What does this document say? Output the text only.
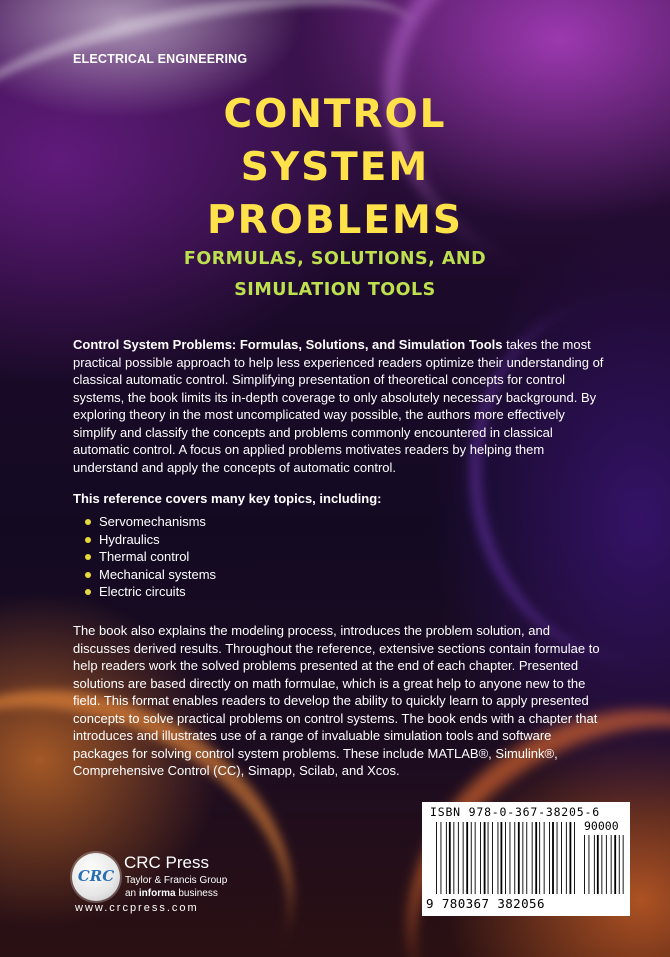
ELECTRICAL ENGINEERING
CONTROL
SYSTEM
PROBLEMS
FORMULAS, SOLUTIONS, AND
SIMULATION TOOLS
Control System Problems: Formulas, Solutions, and Simulation Tools takes the most practical possible approach to help less experienced readers optimize their understanding of classical automatic control. Simplifying presentation of theoretical concepts for control systems, the book limits its in-depth coverage to only absolutely necessary background. By exploring theory in the most uncomplicated way possible, the authors more effectively simplify and classify the concepts and problems commonly encountered in classical automatic control. A focus on applied problems motivates readers by helping them understand and apply the concepts of automatic control.
This reference covers many key topics, including:
Servomechanisms
Hydraulics
Thermal control
Mechanical systems
Electric circuits
The book also explains the modeling process, introduces the problem solution, and discusses derived results. Throughout the reference, extensive sections contain formulae to help readers work the solved problems presented at the end of each chapter. Presented solutions are based directly on math formulae, which is a great help to anyone new to the field. This format enables readers to develop the ability to quickly learn to apply presented concepts to solve practical problems on control systems. The book ends with a chapter that introduces and illustrates use of a range of invaluable simulation tools and software packages for solving control system problems. These include MATLAB®, Simulink®, Comprehensive Control (CC), Simapp, Scilab, and Xcos.
ISBN 978-0-367-38205-6
90000
9 780367 382056
CRC
CRC Press
Taylor & Francis Group
an informa business
www.crcpress.com
